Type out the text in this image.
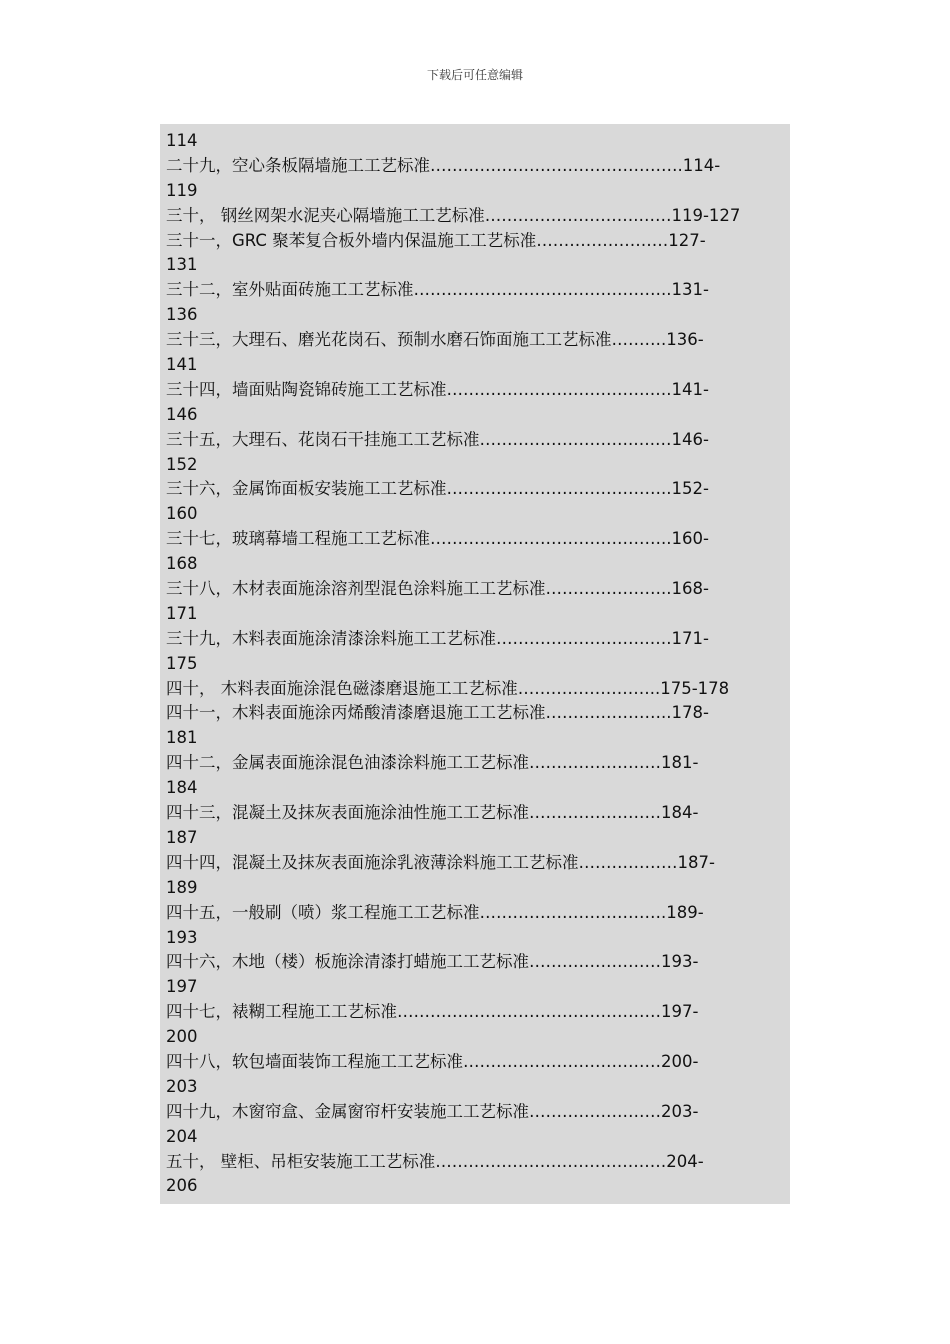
下载后可任意编辑
114
二十九，空心条板隔墙施工工艺标准……………………………………….114-
119
三十， 钢丝网架水泥夹心隔墙施工工艺标准……………………….……119-127
三十一，GRC 聚苯复合板外墙内保温施工工艺标准……………………127-
131
三十二，室外贴面砖施工工艺标准………………………………………..131-
136
三十三，大理石、磨光花岗石、预制水磨石饰面施工工艺标准……….136-
141
三十四，墙面贴陶瓷锦砖施工工艺标准……………………………….….141-
146
三十五，大理石、花岗石干挂施工工艺标准……………………….….…146-
152
三十六，金属饰面板安装施工工艺标准…………………………………..152-
160
三十七，玻璃幕墙工程施工工艺标准……………………………………..160-
168
三十八，木材表面施涂溶剂型混色涂料施工工艺标准…………………..168-
171
三十九，木料表面施涂清漆涂料施工工艺标准……………………….….171-
175
四十， 木料表面施涂混色磁漆磨退施工工艺标准……………………..175-178
四十一，木料表面施涂丙烯酸清漆磨退施工工艺标准…………………..178-
181
四十二，金属表面施涂混色油漆涂料施工工艺标准……………………181-
184
四十三，混凝土及抹灰表面施涂油性施工工艺标准……………………184-
187
四十四，混凝土及抹灰表面施涂乳液薄涂料施工工艺标准………………187-
189
四十五，一般刷（喷）浆工程施工工艺标准…………………………….189-
193
四十六，木地（楼）板施涂清漆打蜡施工工艺标准……………………193-
197
四十七，裱糊工程施工工艺标准…………………………………………197-
200
四十八，软包墙面装饰工程施工工艺标准………………………………200-
203
四十九，木窗帘盒、金属窗帘杆安装施工工艺标准……………………203-
204
五十， 壁柜、吊柜安装施工工艺标准……………………………………204-
206
